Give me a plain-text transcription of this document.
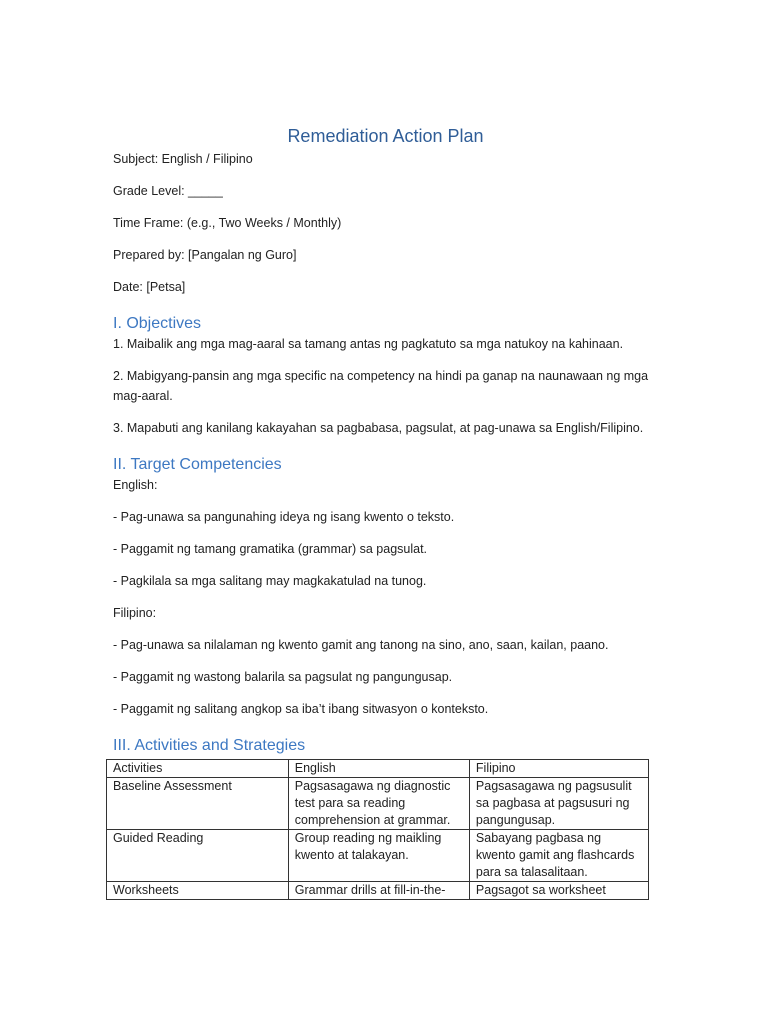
Remediation Action Plan

Subject: English / Filipino

Grade Level: _____

Time Frame: (e.g., Two Weeks / Monthly)

Prepared by: [Pangalan ng Guro]

Date: [Petsa]

I. Objectives

1. Maibalik ang mga mag-aaral sa tamang antas ng pagkatuto sa mga natukoy na kahinaan.

2. Mabigyang-pansin ang mga specific na competency na hindi pa ganap na naunawaan ng mga mag-aaral.

3. Mapabuti ang kanilang kakayahan sa pagbabasa, pagsulat, at pag-unawa sa English/Filipino.

II. Target Competencies

English:

- Pag-unawa sa pangunahing ideya ng isang kwento o teksto.

- Paggamit ng tamang gramatika (grammar) sa pagsulat.

- Pagkilala sa mga salitang may magkakatulad na tunog.

Filipino:

- Pag-unawa sa nilalaman ng kwento gamit ang tanong na sino, ano, saan, kailan, paano.

- Paggamit ng wastong balarila sa pagsulat ng pangungusap.

- Paggamit ng salitang angkop sa iba’t ibang sitwasyon o konteksto.

III. Activities and Strategies
Activities	English	Filipino
Baseline Assessment	Pagsasagawa ng diagnostic test para sa reading comprehension at grammar.	Pagsasagawa ng pagsusulit sa pagbasa at pagsusuri ng pangungusap.
Guided Reading	Group reading ng maikling kwento at talakayan.	Sabayang pagbasa ng kwento gamit ang flashcards para sa talasalitaan.
Worksheets	Grammar drills at fill-in-the-	Pagsagot sa worksheet
